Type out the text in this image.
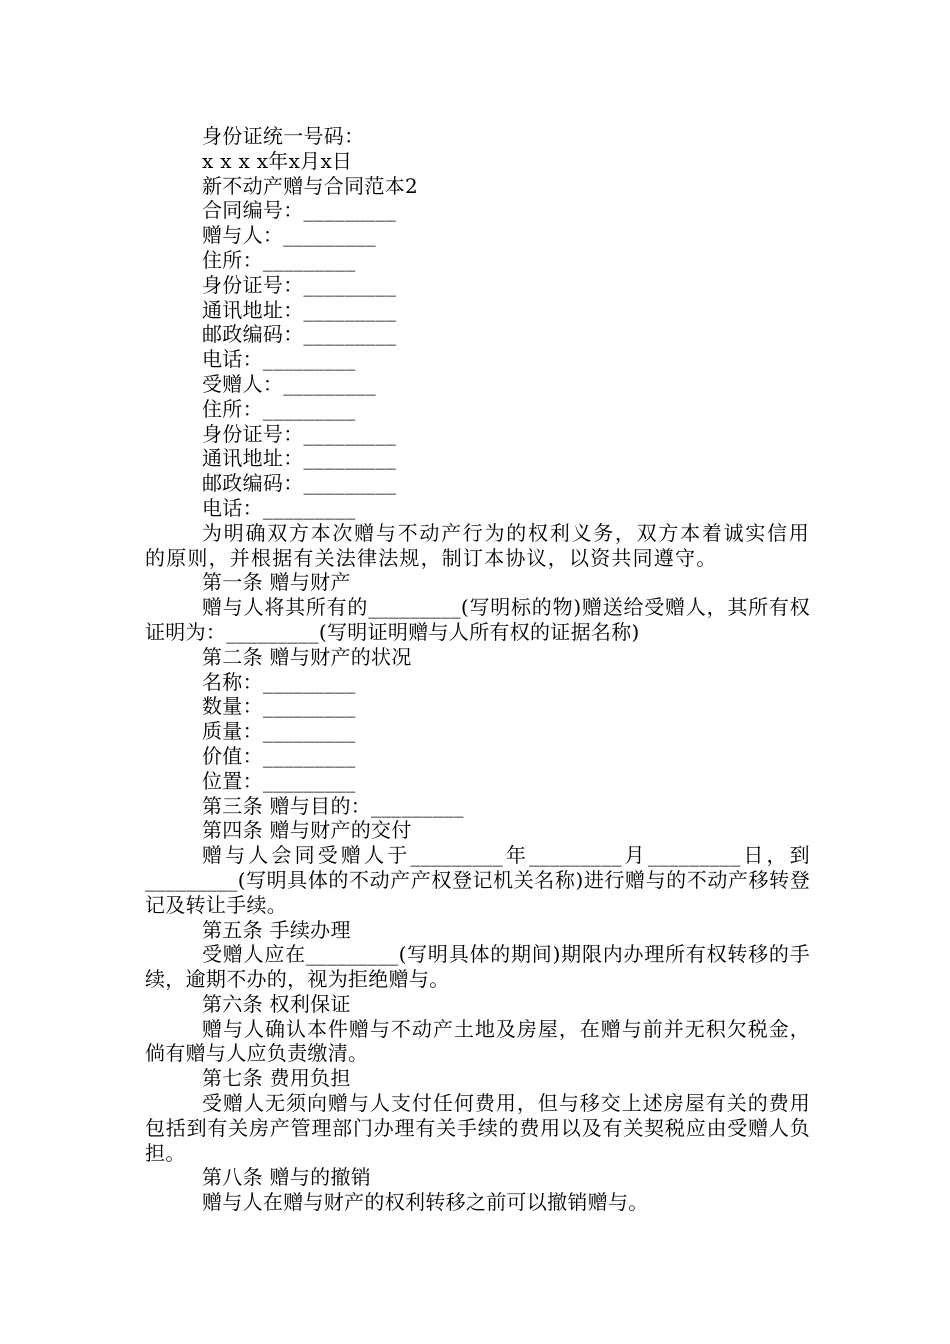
身份证统一号码：
x x x x年x月x日
新不动产赠与合同范本2
合同编号：_________
赠与人：_________
住所：_________
身份证号：_________
通讯地址：_________
邮政编码：_________
电话：_________
受赠人：_________
住所：_________
身份证号：_________
通讯地址：_________
邮政编码：_________
电话：_________
为明确双方本次赠与不动产行为的权利义务，双方本着诚实信用的原则，并根据有关法律法规，制订本协议，以资共同遵守。
第一条 赠与财产
赠与人将其所有的_________(写明标的物)赠送给受赠人，其所有权证明为：_________(写明证明赠与人所有权的证据名称)
第二条 赠与财产的状况
名称：_________
数量：_________
质量：_________
价值：_________
位置：_________
第三条 赠与目的：_________
第四条 赠与财产的交付
赠与人会同受赠人于_________年_________月_________日，到_________(写明具体的不动产产权登记机关名称)进行赠与的不动产移转登记及转让手续。
第五条 手续办理
受赠人应在_________(写明具体的期间)期限内办理所有权转移的手续，逾期不办的，视为拒绝赠与。
第六条 权利保证
赠与人确认本件赠与不动产土地及房屋，在赠与前并无积欠税金，倘有赠与人应负责缴清。
第七条 费用负担
受赠人无须向赠与人支付任何费用，但与移交上述房屋有关的费用包括到有关房产管理部门办理有关手续的费用以及有关契税应由受赠人负担。
第八条 赠与的撤销
赠与人在赠与财产的权利转移之前可以撤销赠与。
